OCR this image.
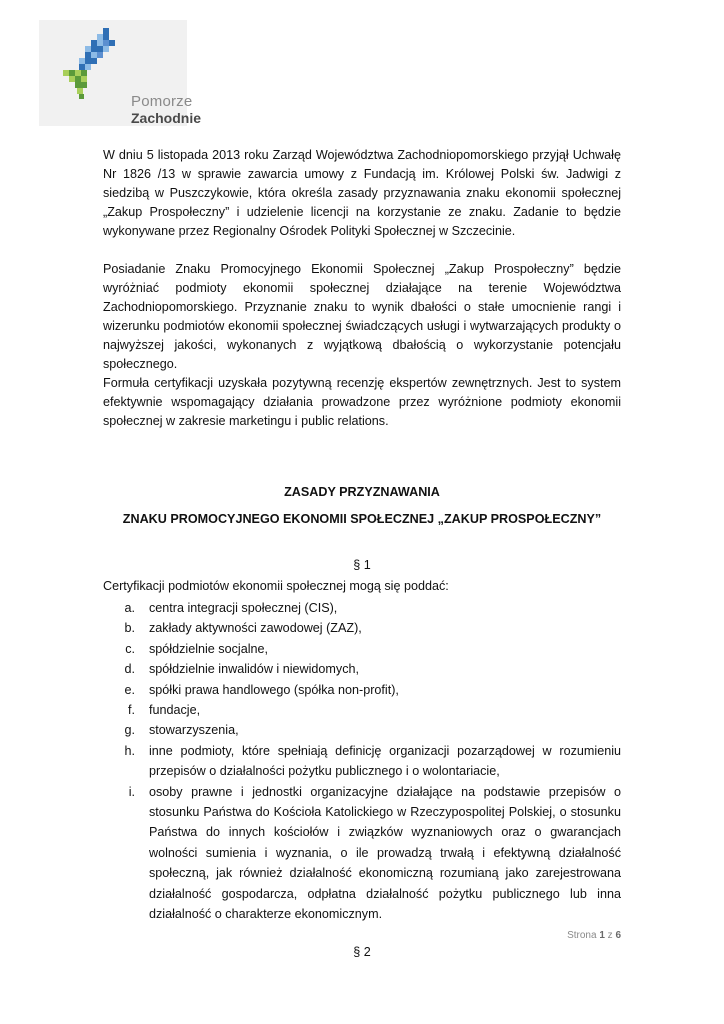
Pomorze
Zachodnie

W dniu 5 listopada 2013 roku Zarząd Województwa Zachodniopomorskiego przyjął Uchwałę Nr 1826 /13 w sprawie zawarcia umowy z Fundacją im. Królowej Polski św. Jadwigi z siedzibą w Puszczykowie, która określa zasady przyznawania znaku ekonomii społecznej „Zakup Prospołeczny” i udzielenie licencji na korzystanie ze znaku. Zadanie to będzie wykonywane przez Regionalny Ośrodek Polityki Społecznej w Szczecinie.

Posiadanie Znaku Promocyjnego Ekonomii Społecznej „Zakup Prospołeczny” będzie wyróżniać podmioty ekonomii społecznej działające na terenie Województwa Zachodniopomorskiego. Przyznanie znaku to wynik dbałości o stałe umocnienie rangi i wizerunku podmiotów ekonomii społecznej świadczących usługi i wytwarzających produkty o najwyższej jakości, wykonanych z wyjątkową dbałością o wykorzystanie potencjału społecznego.

Formuła certyfikacji uzyskała pozytywną recenzję ekspertów zewnętrznych. Jest to system efektywnie wspomagający działania prowadzone przez wyróżnione podmioty ekonomii społecznej w zakresie marketingu i public relations.

ZASADY PRZYZNAWANIA

ZNAKU PROMOCYJNEGO EKONOMII SPOŁECZNEJ „ZAKUP PROSPOŁECZNY”

§ 1

Certyfikacji podmiotów ekonomii społecznej mogą się poddać:

a. centra integracji społecznej (CIS),
b. zakłady aktywności zawodowej (ZAZ),
c. spółdzielnie socjalne,
d. spółdzielnie inwalidów i niewidomych,
e. spółki prawa handlowego (spółka non-profit),
f. fundacje,
g. stowarzyszenia,
h. inne podmioty, które spełniają definicję organizacji pozarządowej w rozumieniu przepisów o działalności pożytku publicznego i o wolontariacie,
i. osoby prawne i jednostki organizacyjne działające na podstawie przepisów o stosunku Państwa do Kościoła Katolickiego w Rzeczypospolitej Polskiej, o stosunku Państwa do innych kościołów i związków wyznaniowych oraz o gwarancjach wolności sumienia i wyznania, o ile prowadzą trwałą i efektywną działalność społeczną, jak również działalność ekonomiczną rozumianą jako zarejestrowana działalność gospodarcza, odpłatna działalność pożytku publicznego lub inna działalność o charakterze ekonomicznym.

§ 2

Strona 1 z 6
